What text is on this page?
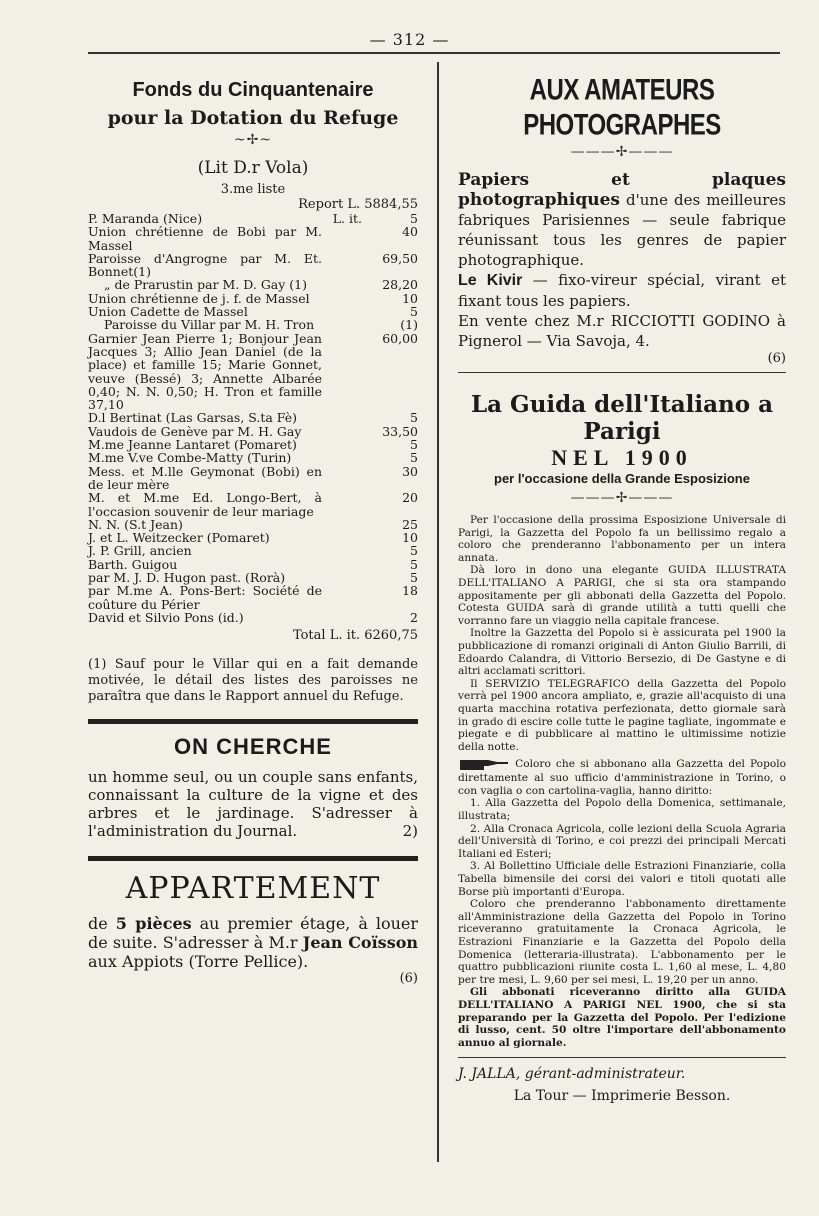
— 312 —
Fonds du Cinquantenaire
pour la Dotation du Refuge
~✢~
(Lit D.r Vola)
3.me liste
Report L. 5884,55
P. Maranda (Nice)	L. it.	5
Union chrétienne de Bobi par M. Massel		40
Paroisse d'Angrogne par M. Et. Bonnet(1)		69,50
„ de Prarustin par M. D. Gay (1)		28,20
Union chrétienne de j. f. de Massel		10
Union Cadette de Massel		5
Paroisse du Villar par M. H. Tron		(1)
Garnier Jean Pierre 1; Bonjour Jean Jacques 3; Allio Jean Daniel (de la place) et famille 15; Marie Gonnet, veuve (Bessé) 3; Annette Albarée 0,40; N. N. 0,50; H. Tron et famille 37,10		60,00
D.l Bertinat (Las Garsas, S.ta Fè)		5
Vaudois de Genève par M. H. Gay		33,50
M.me Jeanne Lantaret (Pomaret)		5
M.me V.ve Combe-Matty (Turin)		5
Mess. et M.lle Geymonat (Bobi) en de leur mère		30
M. et M.me Ed. Longo-Bert, à l'occasion souvenir de leur mariage		20
N. N. (S.t Jean)		25
J. et L. Weitzecker (Pomaret)		10
J. P. Grill, ancien		5
Barth. Guigou		5
par M. J. D. Hugon past. (Rorà)		5
par M.me A. Pons-Bert: Société de coûture du Périer		18
David et Silvio Pons (id.)		2
Total L. it. 6260,75
(1) Sauf pour le Villar qui en a fait demande motivée, le détail des listes des paroisses ne paraîtra que dans le Rapport annuel du Refuge.
ON CHERCHE
un homme seul, ou un couple sans enfants, connaissant la culture de la vigne et des arbres et le jardinage. S'adresser à l'administration du Journal.	2)
APPARTEMENT
de 5 pièces au premier étage, à louer de suite. S'adresser à M.r Jean Coïsson aux Appiots (Torre Pellice).
(6)
AUX AMATEURS PHOTOGRAPHES
———✢———
Papiers et plaques photographiques d'une des meilleures fabriques Parisiennes — seule fabrique réunissant tous les genres de papier photographique.
Le Kivir — fixo-vireur spécial, virant et fixant tous les papiers.
En vente chez M.r RICCIOTTI GODINO à Pignerol — Via Savoja, 4.
(6)
La Guida dell'Italiano a Parigi
NEL 1900
per l'occasione della Grande Esposizione
———✢———

Per l'occasione della prossima Esposizione Universale di Parigi, la Gazzetta del Popolo fa un bellissimo regalo a coloro che prenderanno l'abbonamento per un intera annata.

Dà loro in dono una elegante GUIDA ILLUSTRATA DELL'ITALIANO A PARIGI, che si sta ora stampando appositamente per gli abbonati della Gazzetta del Popolo. Cotesta GUIDA sarà di grande utilità a tutti quelli che vorranno fare un viaggio nella capitale francese.

Inoltre la Gazzetta del Popolo si è assicurata pel 1900 la pubblicazione di romanzi originali di Anton Giulio Barrili, di Edoardo Calandra, di Vittorio Bersezio, di De Gastyne e di altri acclamati scrittori.

Il SERVIZIO TELEGRAFICO della Gazzetta del Popolo verrà pel 1900 ancora ampliato, e, grazie all'acquisto di una quarta macchina rotativa perfezionata, detto giornale sarà in grado di escire colle tutte le pagine tagliate, ingommate e piegate e di pubblicare al mattino le ultimissime notizie della notte.

Coloro che si abbonano alla Gazzetta del Popolo direttamente al suo ufficio d'amministrazione in Torino, o con vaglia o con cartolina-vaglia, hanno diritto:

1. Alla Gazzetta del Popolo della Domenica, settimanale, illustrata;

2. Alla Cronaca Agricola, colle lezioni della Scuola Agraria dell'Università di Torino, e coi prezzi dei principali Mercati Italiani ed Esteri;

3. Al Bollettino Ufficiale delle Estrazioni Finanziarie, colla Tabella bimensile dei corsi dei valori e titoli quotati alle Borse più importanti d'Europa.

Coloro che prenderanno l'abbonamento direttamente all'Amministrazione della Gazzetta del Popolo in Torino riceveranno gratuitamente la Cronaca Agricola, le Estrazioni Finanziarie e la Gazzetta del Popolo della Domenica (letteraria-illustrata). L'abbonamento per le quattro pubblicazioni riunite costa L. 1,60 al mese, L. 4,80 per tre mesi, L. 9,60 per sei mesi, L. 19,20 per un anno.

Gli abbonati riceveranno diritto alla GUIDA DELL'ITALIANO A PARIGI NEL 1900, che si sta preparando per la Gazzetta del Popolo. Per l'edizione di lusso, cent. 50 oltre l'importare dell'abbonamento annuo al giornale.

J. JALLA, gérant-administrateur.
La Tour — Imprimerie Besson.
